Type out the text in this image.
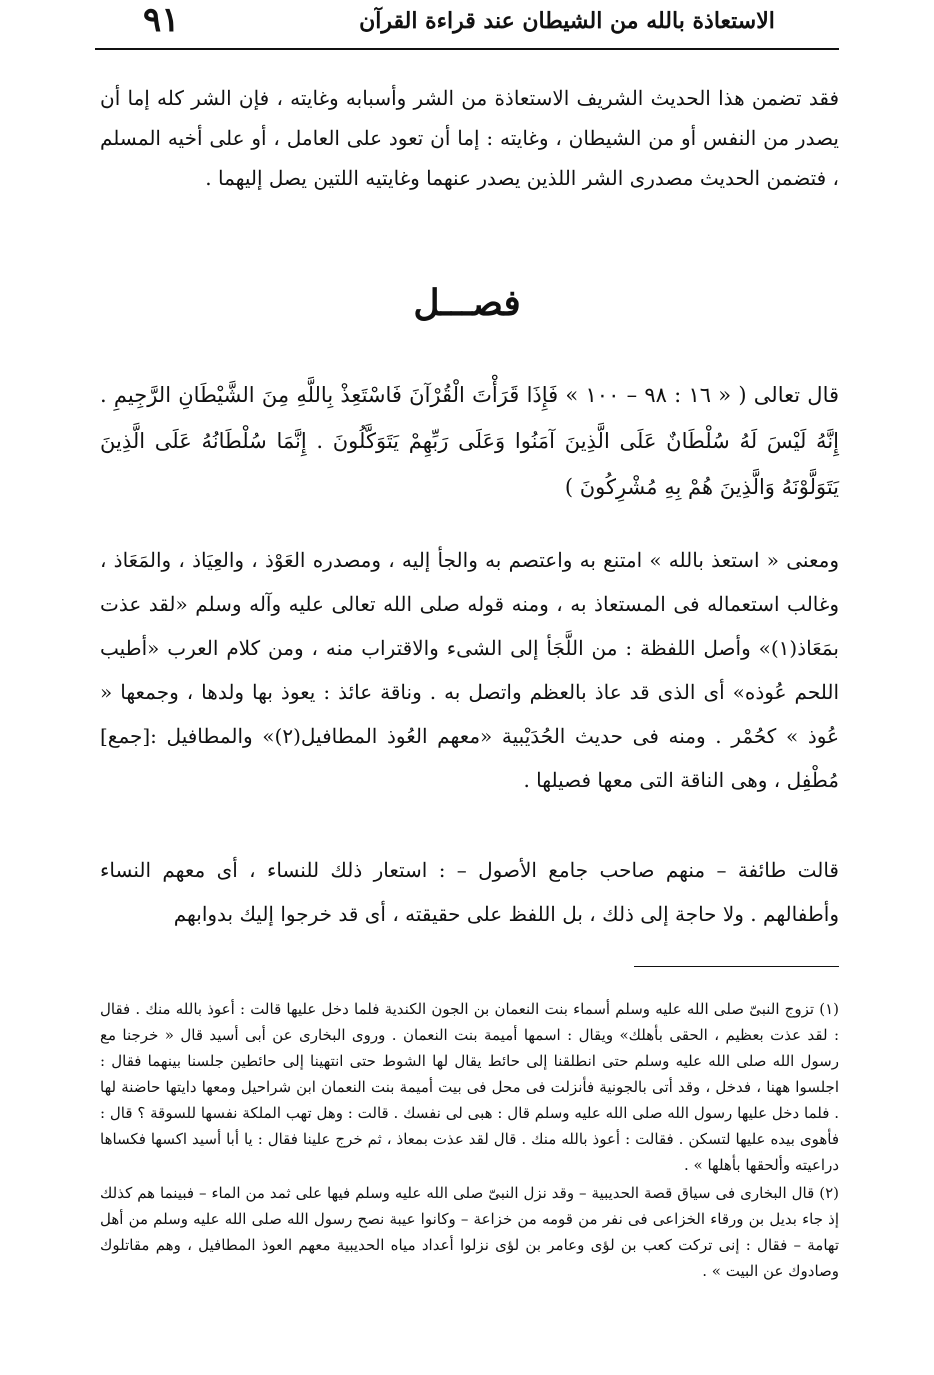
الاستعاذة بالله من الشيطان عند قراءة القرآن
٩١

فقد تضمن هذا الحديث الشريف الاستعاذة من الشر وأسبابه وغايته ، فإن الشر كله إما أن يصدر من النفس أو من الشيطان ، وغايته : إما أن تعود على العامل ، أو على أخيه المسلم ، فتضمن الحديث مصدرى الشر اللذين يصدر عنهما وغايتيه اللتين يصل إليهما .

فصـــل

قال تعالى ( « ١٦ : ٩٨ – ١٠٠ » فَإِذَا قَرَأْتَ الْقُرْآنَ فَاسْتَعِذْ بِاللَّهِ مِنَ الشَّيْطَانِ الرَّجِيمِ . إِنَّهُ لَيْسَ لَهُ سُلْطَانٌ عَلَى الَّذِينَ آمَنُوا وَعَلَى رَبِّهِمْ يَتَوَكَّلُونَ . إِنَّمَا سُلْطَانُهُ عَلَى الَّذِينَ يَتَوَلَّوْنَهُ وَالَّذِينَ هُمْ بِهِ مُشْرِكُونَ )

ومعنى « استعذ بالله » امتنع به واعتصم به والجأ إليه ، ومصدره العَوْذ ، والعِيَاذ ، والمَعَاذ ، وغالب استعماله فى المستعاذ به ، ومنه قوله صلى الله تعالى عليه وآله وسلم «لقد عذت بمَعَاذ(١)» وأصل اللفظة : من اللَّجَأ إلى الشىء والاقتراب منه ، ومن كلام العرب «أطيب اللحم عُوذه» أى الذى قد عاذ بالعظم واتصل به . وناقة عائذ : يعوذ بها ولدها ، وجمعها « عُوذ » كحُمْر . ومنه فى حديث الحُدَيْبية «معهم العُوذ المطافيل(٢)» والمطافيل :[جمع] مُطْفِل ، وهى الناقة التى معها فصيلها .

قالت طائفة – منهم صاحب جامع الأصول – : استعار ذلك للنساء ، أى معهم النساء وأطفالهم . ولا حاجة إلى ذلك ، بل اللفظ على حقيقته ، أى قد خرجوا إليك بدوابهم

(١) تزوج النبىّ صلى الله عليه وسلم أسماء بنت النعمان بن الجون الكندية فلما دخل عليها قالت : أعوذ بالله منك . فقال : لقد عذت بعظيم ، الحقى بأهلك» ويقال : اسمها أميمة بنت النعمان . وروى البخارى عن أبى أسيد قال « خرجنا مع رسول الله صلى الله عليه وسلم حتى انطلقنا إلى حائط يقال لها الشوط حتى انتهينا إلى حائطين جلسنا بينهما فقال : اجلسوا ههنا ، فدخل ، وقد أتى بالجونية فأنزلت فى محل فى بيت أميمة بنت النعمان ابن شراحيل ومعها دايتها حاضنة لها . فلما دخل عليها رسول الله صلى الله عليه وسلم قال : هبى لى نفسك . قالت : وهل تهب الملكة نفسها للسوقة ؟ قال : فأهوى بيده عليها لتسكن . فقالت : أعوذ بالله منك . قال لقد عذت بمعاذ ، ثم خرج علينا فقال : يا أبا أسيد اكسها فكساها دراعيته وألحقها بأهلها » .

(٢) قال البخارى فى سياق قصة الحديبية – وقد نزل النبىّ صلى الله عليه وسلم فيها على ثمد من الماء – فبينما هم كذلك إذ جاء بديل بن ورقاء الخزاعى فى نفر من قومه من خزاعة – وكانوا عيبة نصح رسول الله صلى الله عليه وسلم من أهل تهامة – فقال : إنى تركت كعب بن لؤى وعامر بن لؤى نزلوا أعداد مياه الحديبية معهم العوذ المطافيل ، وهم مقاتلوك وصادوك عن البيت » .
